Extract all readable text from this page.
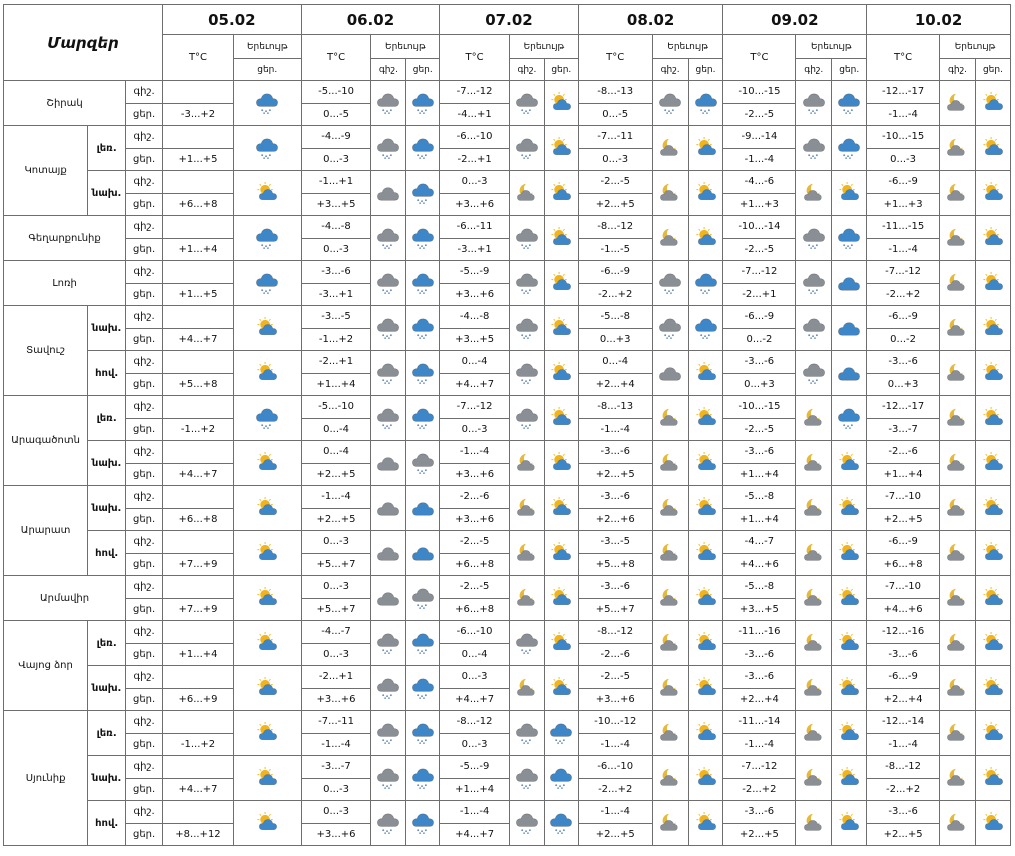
Մարզեր			05.02		06.02			07.02			08.02			09.02			10.02		
			T°C	Երեւույթ	T°C	Երեւույթ		T°C	Երեւույթ		T°C	Երեւույթ		T°C	Երեւույթ		T°C	Երեւույթ	
				ցեր.		գիշ.	ցեր.		գիշ.	ցեր.		գիշ.	ցեր.		գիշ.	ցեր.		գիշ.	ցեր.
Շիրակ		գիշ.			-5...-10			-7...-12			-8...-13			-10...-15			-12...-17	

		ցեր.	-3...+2		0...-5			-4...+1			0...-5			-2...-5			-1...-4		
Կոտայք	լեռ.	գիշ.			-4...-9			-6...-10			-7...-11			-9...-14			-10...-15	

		ցեր.	+1...+5		0...-3			-2...+1			0...-3			-1...-4			0...-3		
	նախ.	գիշ.			-1...+1			0...-3			-2...-5			-4...-6			-6...-9	

		ցեր.	+6...+8		+3...+5			+3...+6			+2...+5			+1...+3			+1...+3		
Գեղարքունիք		գիշ.			-4...-8			-6...-11			-8...-12			-10...-14			-11...-15	

		ցեր.	+1...+4		0...-3			-3...+1			-1...-5			-2...-5			-1...-4		
Լոռի		գիշ.			-3...-6			-5...-9			-6...-9			-7...-12			-7...-12	

		ցեր.	+1...+5		-3...+1			+3...+6			-2...+2			-2...+1			-2...+2		
Տավուշ	նախ.	գիշ.			-3...-5			-4...-8			-5...-8			-6...-9			-6...-9	

		ցեր.	+4...+7		-1...+2			+3...+5			0...+3			0...-2			0...-2		
	հով.	գիշ.			-2...+1			0...-4			0...-4			-3...-6			-3...-6	

		ցեր.	+5...+8		+1...+4			+4...+7			+2...+4			0...+3			0...+3		
Արագածոտն	լեռ.	գիշ.			-5...-10			-7...-12			-8...-13			-10...-15			-12...-17	

		ցեր.	-1...+2		0...-4			0...-3			-1...-4			-2...-5			-3...-7		
	նախ.	գիշ.			0...-4			-1...-4			-3...-6			-3...-6			-2...-6	

		ցեր.	+4...+7		+2...+5			+3...+6			+2...+5			+1...+4			+1...+4		
Արարատ	նախ.	գիշ.			-1...-4			-2...-6			-3...-6			-5...-8			-7...-10	

		ցեր.	+6...+8		+2...+5			+3...+6			+2...+6			+1...+4			+2...+5		
	հով.	գիշ.			0...-3			-2...-5			-3...-5			-4...-7			-6...-9	

		ցեր.	+7...+9		+5...+7			+6...+8			+5...+8			+4...+6			+6...+8		
Արմավիր		գիշ.			0...-3			-2...-5			-3...-6			-5...-8			-7...-10	

		ցեր.	+7...+9		+5...+7			+6...+8			+5...+7			+3...+5			+4...+6		
Վայոց ձոր	լեռ.	գիշ.			-4...-7			-6...-10			-8...-12			-11...-16			-12...-16	

		ցեր.	+1...+4		0...-3			0...-4			-2...-6			-3...-6			-3...-6		
	նախ.	գիշ.			-2...+1			0...-3			-2...-5			-3...-6			-6...-9	

		ցեր.	+6...+9		+3...+6			+4...+7			+3...+6			+2...+4			+2...+4		
Սյունիք	լեռ.	գիշ.			-7...-11			-8...-12			-10...-12			-11...-14			-12...-14	

		ցեր.	-1...+2		-1...-4			0...-3			-1...-4			-1...-4			-1...-4		
	նախ.	գիշ.			-3...-7			-5...-9			-6...-10			-7...-12			-8...-12	

		ցեր.	+4...+7		0...-3			+1...+4			-2...+2			-2...+2			-2...+2		
	հով.	գիշ.			0...-3			-1...-4			-1...-4			-3...-6			-3...-6	

		ցեր.	+8...+12		+3...+6			+4...+7			+2...+5			+2...+5			+2...+5		
